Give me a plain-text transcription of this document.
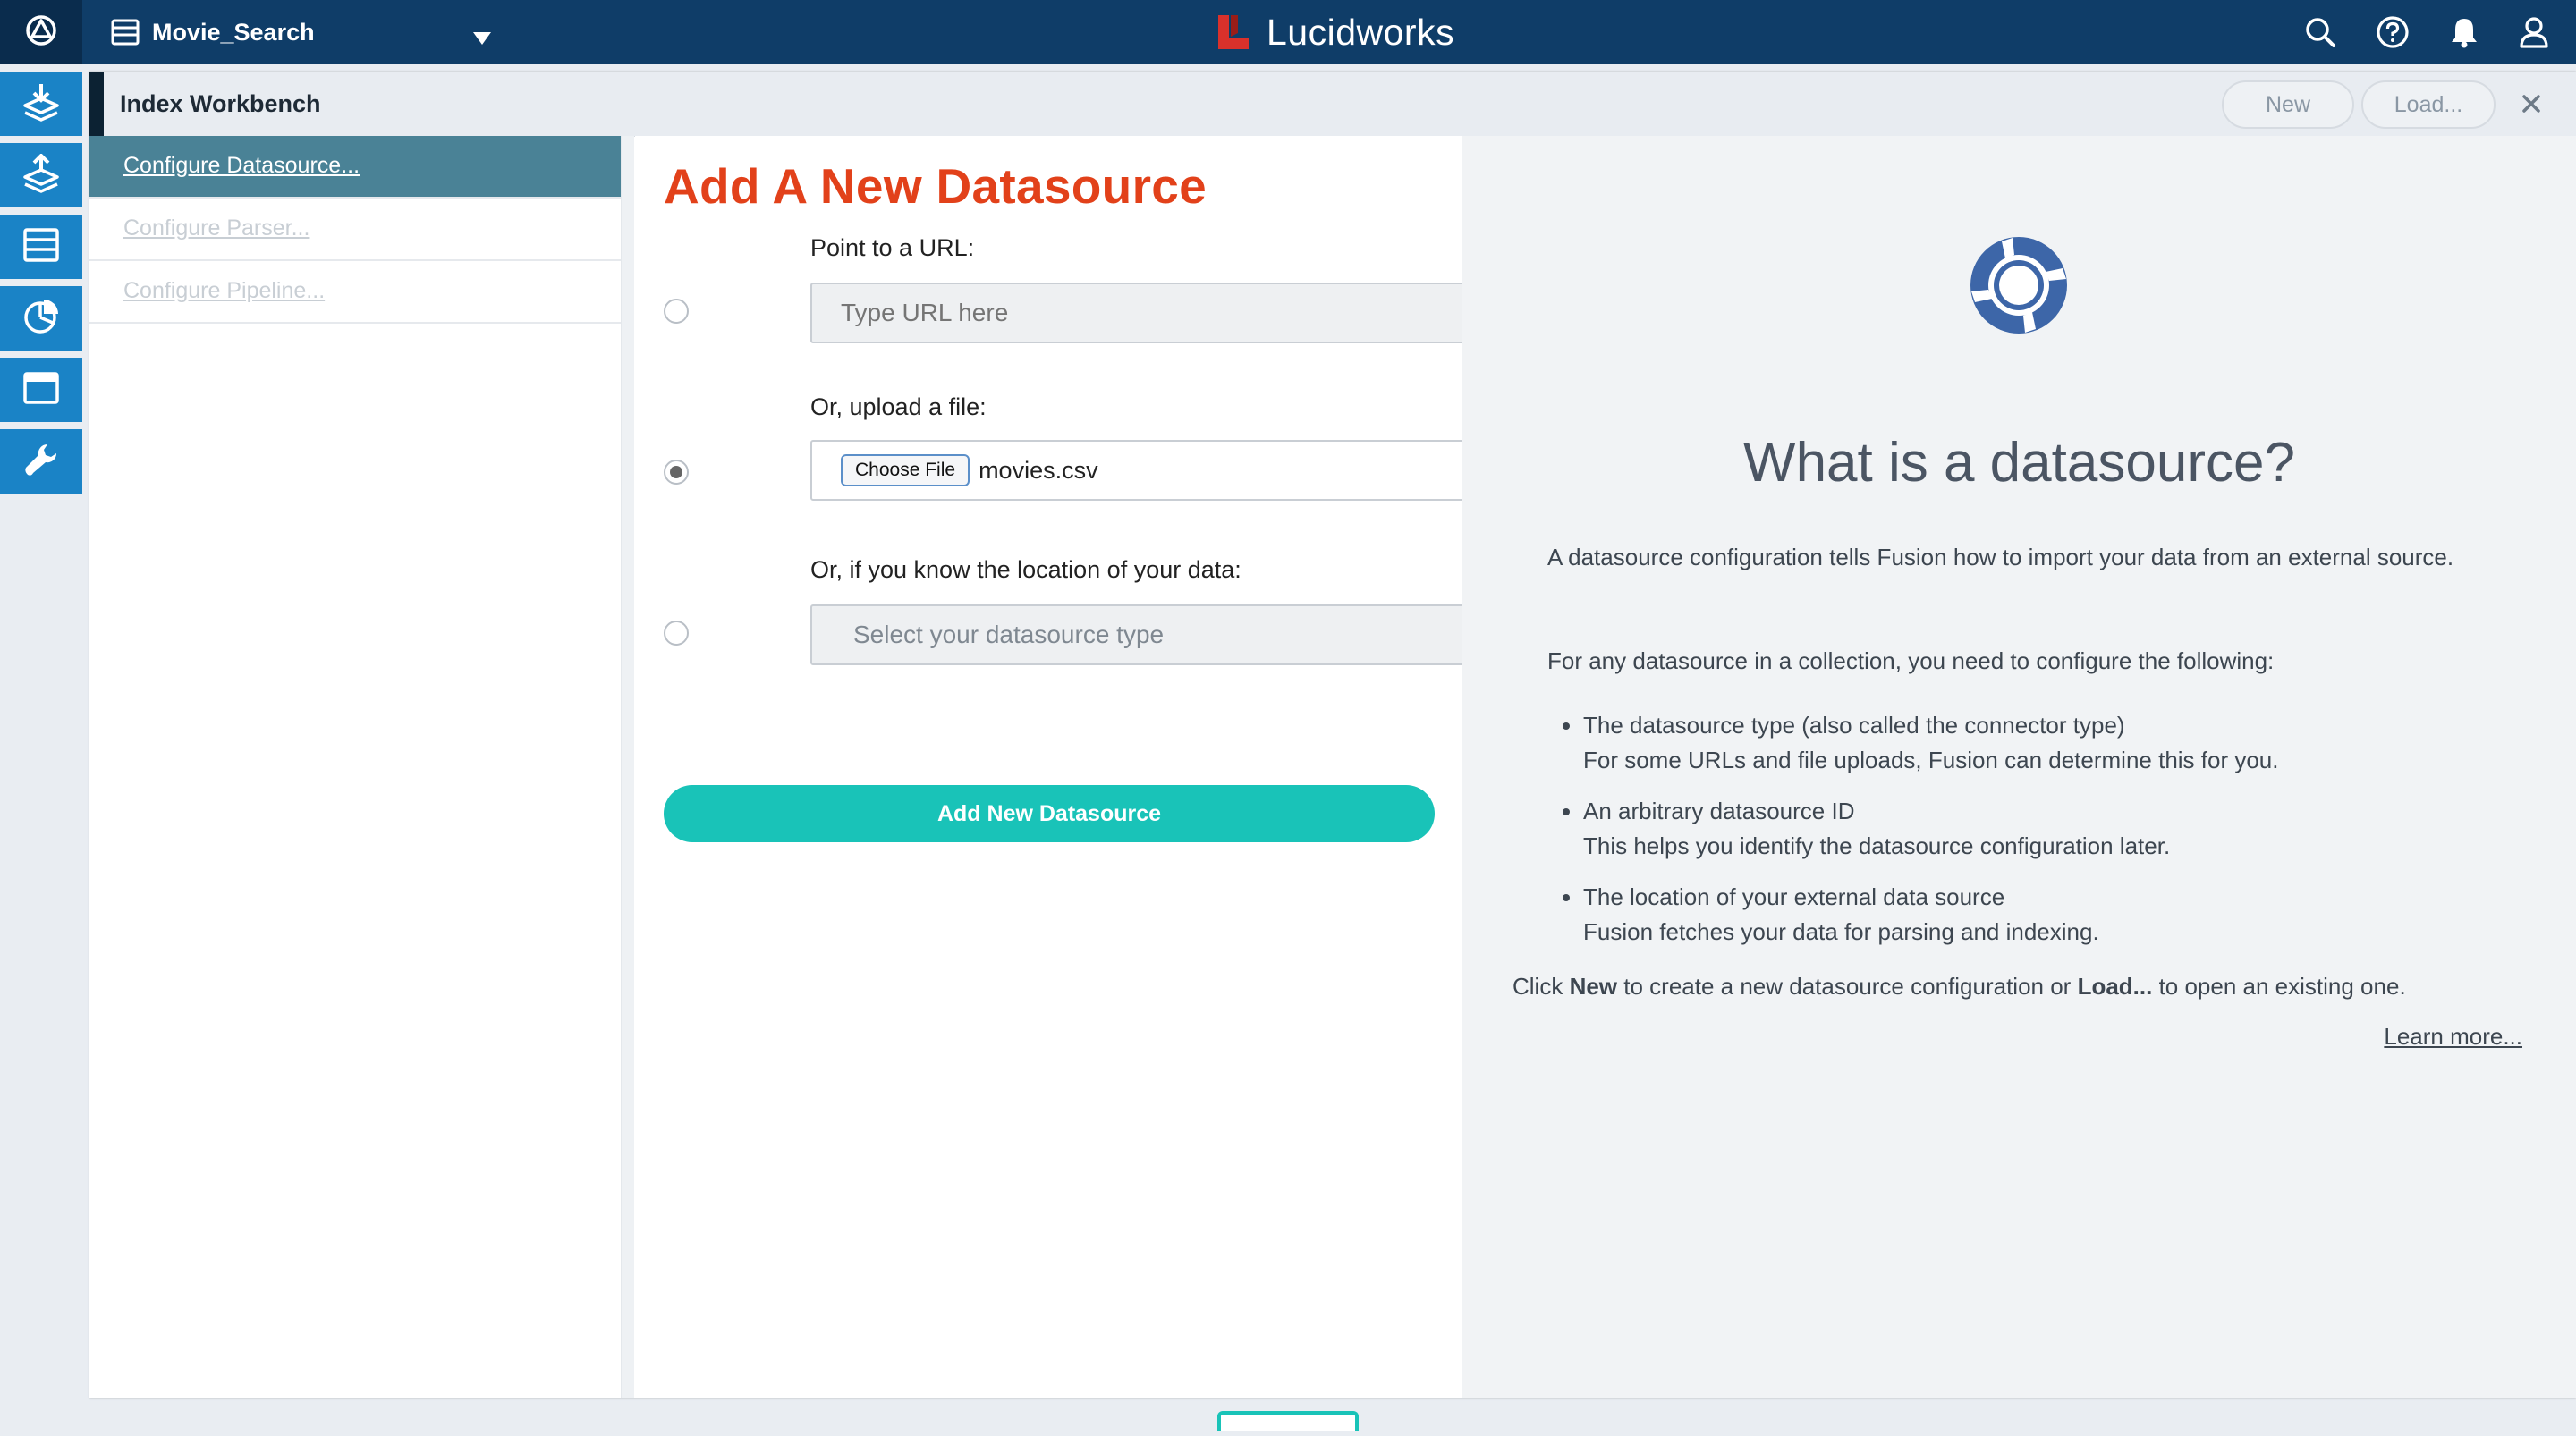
Movie_Search	Lucidworks
Index Workbench	New	Load...
Configure Datasource...
Configure Parser...
Configure Pipeline...
Add A New Datasource
Point to a URL:
Type URL here
Or, upload a file:
Choose File movies.csv
Or, if you know the location of your data:
Select your datasource type
Add New Datasource
What is a datasource?
A datasource configuration tells Fusion how to import your data from an external source.
For any datasource in a collection, you need to configure the following:
• The datasource type (also called the connector type)
For some URLs and file uploads, Fusion can determine this for you.
• An arbitrary datasource ID
This helps you identify the datasource configuration later.
• The location of your external data source
Fusion fetches your data for parsing and indexing.
Click New to create a new datasource configuration or Load... to open an existing one.
Learn more...
